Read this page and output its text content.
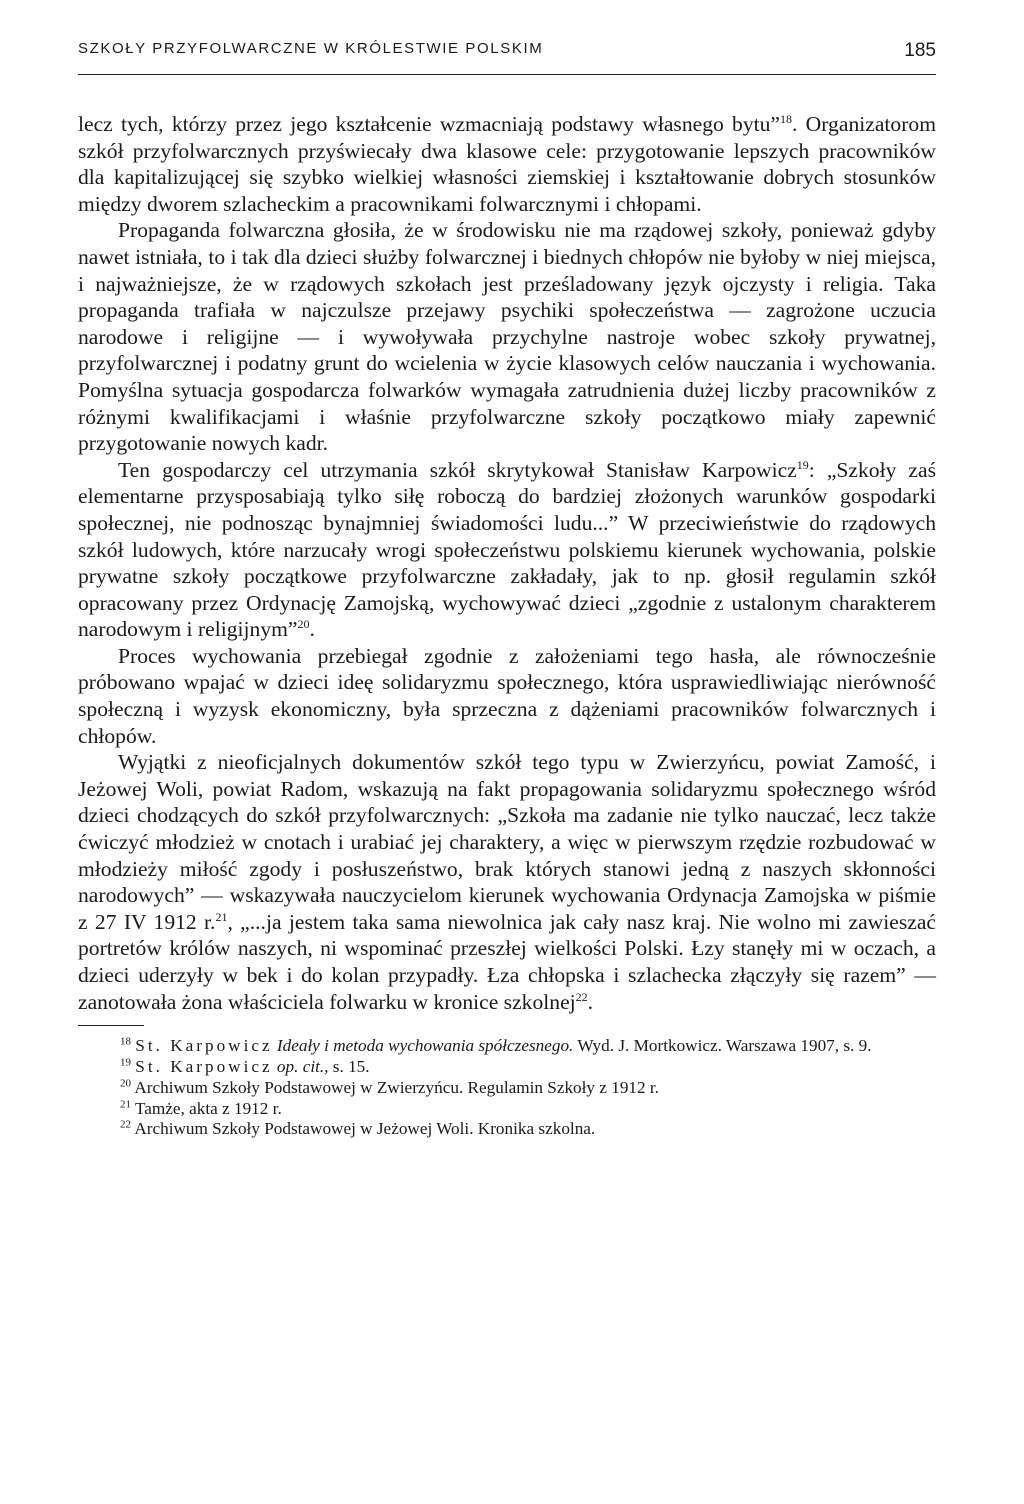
SZKOŁY PRZYFOLWARCZNE W KRÓLESTWIE POLSKIM	185

lecz tych, którzy przez jego kształcenie wzmacniają podstawy własnego bytu”$^{18}$. Organizatorom szkół przyfolwarcznych przyświecały dwa klasowe cele: przygotowanie lepszych pracowników dla kapitalizującej się szybko wielkiej własności ziemskiej i kształtowanie dobrych stosunków między dworem szlacheckim a pracownikami folwarcznymi i chłopami.

Propaganda folwarczna głosiła, że w środowisku nie ma rządowej szkoły, ponieważ gdyby nawet istniała, to i tak dla dzieci służby folwarcznej i biednych chłopów nie byłoby w niej miejsca, i najważniejsze, że w rządowych szkołach jest prześladowany język ojczysty i religia. Taka propaganda trafiała w najczulsze przejawy psychiki społeczeństwa — zagrożone uczucia narodowe i religijne — i wywoływała przychylne nastroje wobec szkoły prywatnej, przyfolwarcznej i podatny grunt do wcielenia w życie klasowych celów nauczania i wychowania. Pomyślna sytuacja gospodarcza folwarków wymagała zatrudnienia dużej liczby pracowników z różnymi kwalifikacjami i właśnie przyfolwarczne szkoły początkowo miały zapewnić przygotowanie nowych kadr.

Ten gospodarczy cel utrzymania szkół skrytykował Stanisław Karpowicz$^{19}$: „Szkoły zaś elementarne przysposabiają tylko siłę roboczą do bardziej złożonych warunków gospodarki społecznej, nie podnosząc bynajmniej świadomości ludu...” W przeciwieństwie do rządowych szkół ludowych, które narzucały wrogi społeczeństwu polskiemu kierunek wychowania, polskie prywatne szkoły początkowe przyfolwarczne zakładały, jak to np. głosił regulamin szkół opracowany przez Ordynację Zamojską, wychowywać dzieci „zgodnie z ustalonym charakterem narodowym i religijnym”$^{20}$.

Proces wychowania przebiegał zgodnie z założeniami tego hasła, ale równocześnie próbowano wpajać w dzieci ideę solidaryzmu społecznego, która usprawiedliwiając nierówność społeczną i wyzysk ekonomiczny, była sprzeczna z dążeniami pracowników folwarcznych i chłopów.

Wyjątki z nieoficjalnych dokumentów szkół tego typu w Zwierzyńcu, powiat Zamość, i Jeżowej Woli, powiat Radom, wskazują na fakt propagowania solidaryzmu społecznego wśród dzieci chodzących do szkół przyfolwarcznych: „Szkoła ma zadanie nie tylko nauczać, lecz także ćwiczyć młodzież w cnotach i urabiać jej charaktery, a więc w pierwszym rzędzie rozbudować w młodzieży miłość zgody i posłuszeństwo, brak których stanowi jedną z naszych skłonności narodowych” — wskazywała nauczycielom kierunek wychowania Ordynacja Zamojska w piśmie z 27 IV 1912 r.$^{21}$, „...ja jestem taka sama niewolnica jak cały nasz kraj. Nie wolno mi zawieszać portretów królów naszych, ni wspominać przeszłej wielkości Polski. Łzy stanęły mi w oczach, a dzieci uderzyły w bek i do kolan przypadły. Łza chłopska i szlachecka złączyły się razem” — zanotowała żona właściciela folwarku w kronice szkolnej$^{22}$.

$^{18}$ St. Karpowicz Ideały i metoda wychowania spółczesnego. Wyd. J. Mortkowicz. Warszawa 1907, s. 9.

$^{19}$ St. Karpowicz op. cit., s. 15.

$^{20}$ Archiwum Szkoły Podstawowej w Zwierzyńcu. Regulamin Szkoły z 1912 r.

$^{21}$ Tamże, akta z 1912 r.

$^{22}$ Archiwum Szkoły Podstawowej w Jeżowej Woli. Kronika szkolna.
